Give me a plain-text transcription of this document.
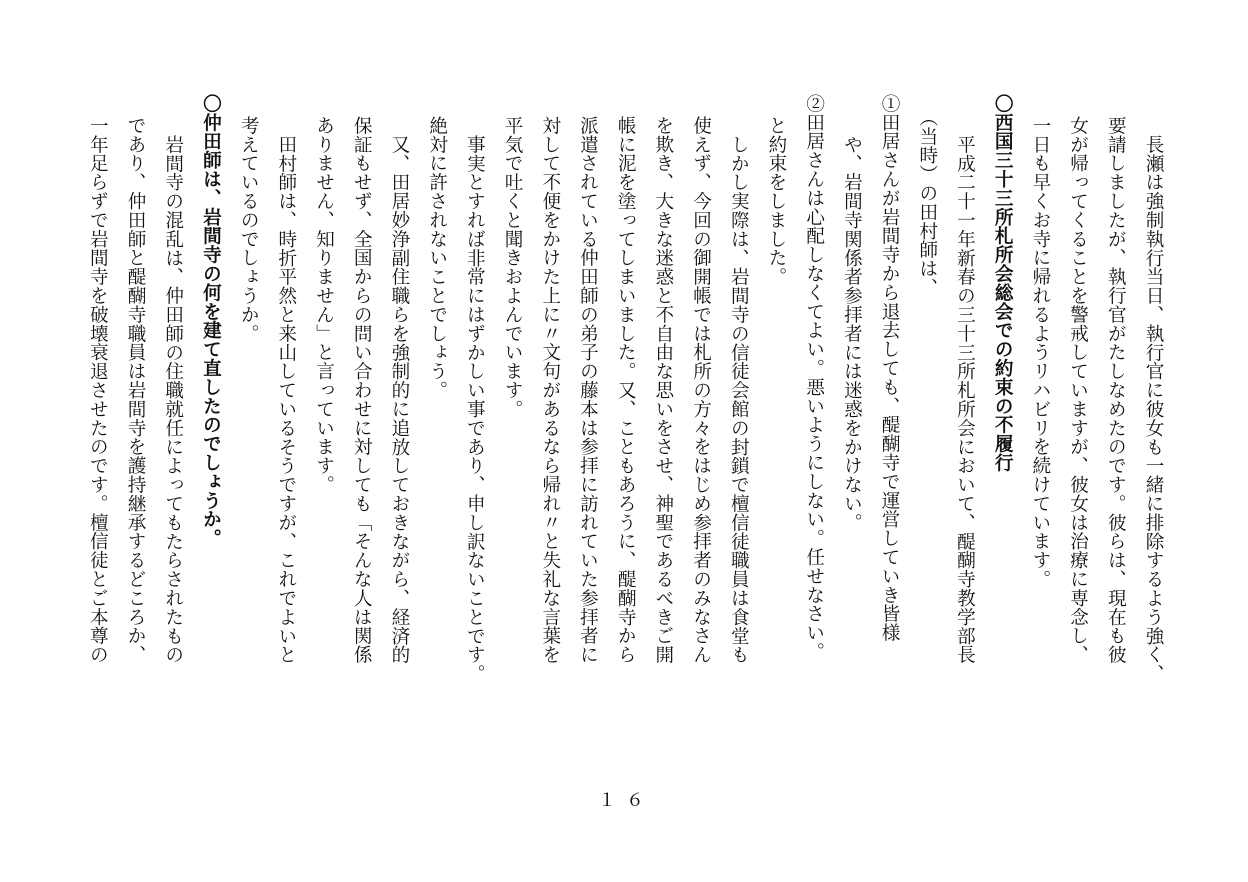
長瀬は強制執行当日、執行官に彼女も一緒に排除するよう強く、
要請しましたが、執行官がたしなめたのです。彼らは、現在も彼
女が帰ってくることを警戒していますが、彼女は治療に専念し、
一日も早くお寺に帰れるようリハビリを続けています。
〇西国三十三所札所会総会での約束の不履行
平成二十一年新春の三十三所札所会において、醍醐寺教学部長
（当時）の田村師は、
①田居さんが岩間寺から退去しても、醍醐寺で運営していき皆様
や、岩間寺関係者参拝者には迷惑をかけない。
②田居さんは心配しなくてよい。悪いようにしない。任せなさい。
と約束をしました。
しかし実際は、岩間寺の信徒会館の封鎖で檀信徒職員は食堂も
使えず、今回の御開帳では札所の方々をはじめ参拝者のみなさん
を欺き、大きな迷惑と不自由な思いをさせ、神聖であるべきご開
帳に泥を塗ってしまいました。又、こともあろうに、醍醐寺から
派遣されている仲田師の弟子の藤本は参拝に訪れていた参拝者に
対して不便をかけた上に〃文句があるなら帰れ〃と失礼な言葉を
平気で吐くと聞きおよんでいます。
事実とすれば非常にはずかしい事であり、申し訳ないことです。
絶対に許されないことでしょう。
又、田居妙浄副住職らを強制的に追放しておきながら、経済的
保証もせず、全国からの問い合わせに対しても「そんな人は関係
ありません、知りません」と言っています。
田村師は、時折平然と来山しているそうですが、これでよいと
考えているのでしょうか。
〇仲田師は、岩間寺の何を建て直したのでしょうか。
岩間寺の混乱は、仲田師の住職就任によってもたらされたもの
であり、仲田師と醍醐寺職員は岩間寺を護持継承するどころか、
一年足らずで岩間寺を破壊衰退させたのです。檀信徒とご本尊の
１６
